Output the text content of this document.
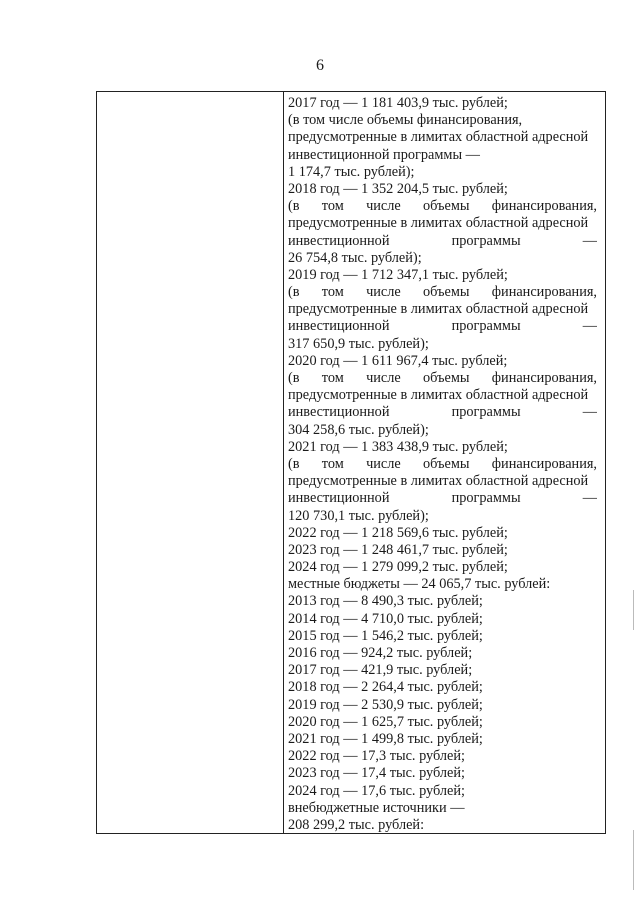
6
2017 год — 1 181 403,9 тыс. рублей;
(в том числе объемы финансирования,
предусмотренные в лимитах областной адресной
инвестиционной программы —
1 174,7 тыс. рублей);
2018 год — 1 352 204,5 тыс. рублей;
(в том числе объемы финансирования,
предусмотренные в лимитах областной адресной
инвестиционной программы —
26 754,8 тыс. рублей);
2019 год — 1 712 347,1 тыс. рублей;
(в том числе объемы финансирования,
предусмотренные в лимитах областной адресной
инвестиционной программы —
317 650,9 тыс. рублей);
2020 год — 1 611 967,4 тыс. рублей;
(в том числе объемы финансирования,
предусмотренные в лимитах областной адресной
инвестиционной программы —
304 258,6 тыс. рублей);
2021 год — 1 383 438,9 тыс. рублей;
(в том числе объемы финансирования,
предусмотренные в лимитах областной адресной
инвестиционной программы —
120 730,1 тыс. рублей);
2022 год — 1 218 569,6 тыс. рублей;
2023 год — 1 248 461,7 тыс. рублей;
2024 год — 1 279 099,2 тыс. рублей;
местные бюджеты — 24 065,7 тыс. рублей:
2013 год — 8 490,3 тыс. рублей;
2014 год — 4 710,0 тыс. рублей;
2015 год — 1 546,2 тыс. рублей;
2016 год — 924,2 тыс. рублей;
2017 год — 421,9 тыс. рублей;
2018 год — 2 264,4 тыс. рублей;
2019 год — 2 530,9 тыс. рублей;
2020 год — 1 625,7 тыс. рублей;
2021 год — 1 499,8 тыс. рублей;
2022 год — 17,3 тыс. рублей;
2023 год — 17,4 тыс. рублей;
2024 год — 17,6 тыс. рублей;
внебюджетные источники —
208 299,2 тыс. рублей:
